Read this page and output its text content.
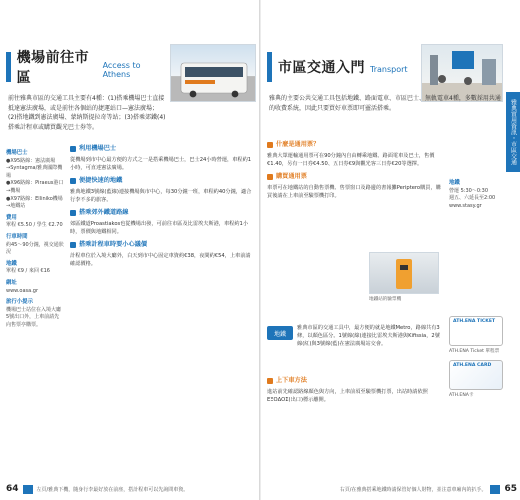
機場前往市區
Access to Athens
前往雅典市區的交通工具主要有4種：(1)搭乘機場巴士直接抵達憲法廣場，或是前往各個站的捷運站口—憲法廣場；(2)搭地鐵到憲法廣場、蒙納斯提拉奇等站；(3)搭乘郊鐵(4)搭乘計程車或購買觀光巴士券等。
機場巴士
●X95路線：憲法廣場→Syntagma/雅典國際機場
●X96路線：Piraeus港口→機場
●X97路線：Elliniko機場→地鐵站
費用
單程 €5.50 / 學生 €2.70
行車時間
約45～90分鐘，視交通狀況
地鐵
單程 €9 / 來回 €16
網址
www.oasa.gr
旅行小提示
機場巴士站位在入境大廳5號出口外，上車前請先向售票亭購票。
利用機場巴士
從機場到市中心最方便的方式之一是搭乘機場巴士，巴士24小時營運，車程約1小時，可直達憲法廣場。
便捷快速的地鐵
雅典地鐵3號線(藍線)連接機場與市中心，每30分鐘一班，車程約40分鐘，適合行李不多的旅客。
搭乘郊外鐵道路線
郊區鐵道Proastiakos也從機場出發，可前往市區及比雷埃夫斯港，車程約1小時，票價與地鐵相同。
搭乘計程車時要小心議價
計程車位於入境大廳外，白天到市中心固定車資約€38，夜間約€54，上車前請確認價格。
64	左頁/雅典下機，隨身行李最好放在前座，搭計程車可以先詢問車資。
市區交通入門 Transport
雅典的主要公共交通工具包括地鐵、路面電車、市區巴士、無軌電車4種，多數採用共通的收費系統，因此只要買好車票即可靈活搭乘。
什麼是通用票？
雅典大眾運輸通用票可在90分鐘內自由轉乘地鐵、路面電車及巴士，售價€1.40，另有一日券€4.50、五日券€9與觀光客三日券€20等選擇。
購買通用票
車票可在地鐵站的自動售票機、售票窗口及路邊的書報攤Periptero購買，購買後請在上車前至驗票機打印。
地鐵站的驗票機
地鐵
雅典市區的交通工具中，最方便的就是地鐵Metro，路線共有3條，以顏色區分。1號線(綠)連接比雷埃夫斯港與Kifissia，2號線(紅)與3號線(藍)在憲法廣場站交會。
上下車方法
進站前先確認路線顏色與方向，上車前須至驗票機打票，出站時請依照ΕΞΟΔΟΣ(出口)標示離開。
地鐵
營運 5:30～0:30
週五、六延長至2:00
www.stasy.gr
ATH.ENA TICKET
ATH.ENA Ticket 單程票
ATH.ENA CARD
ATH.ENA卡
雅典實用資訊・市區交通
右頁/在雅典搭乘地鐵時請保管好個人財物，並注意車廂內的扒手。 65
